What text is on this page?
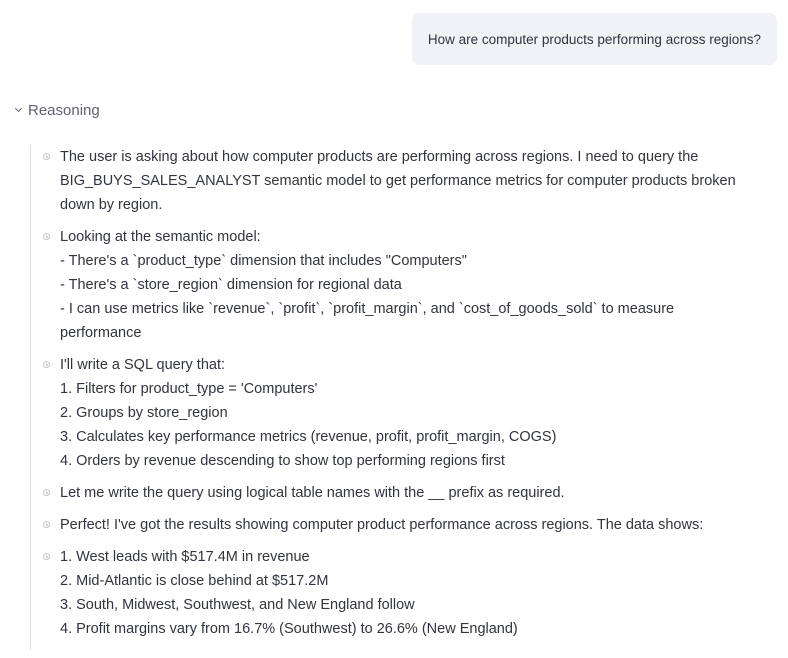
How are computer products performing across regions?
Reasoning
The user is asking about how computer products are performing across regions. I need to query the
BIG_BUYS_SALES_ANALYST semantic model to get performance metrics for computer products broken
down by region.
Looking at the semantic model:
- There's a `product_type` dimension that includes "Computers"
- There's a `store_region` dimension for regional data
- I can use metrics like `revenue`, `profit`, `profit_margin`, and `cost_of_goods_sold` to measure
performance
I'll write a SQL query that:
1. Filters for product_type = 'Computers'
2. Groups by store_region
3. Calculates key performance metrics (revenue, profit, profit_margin, COGS)
4. Orders by revenue descending to show top performing regions first
Let me write the query using logical table names with the __ prefix as required.
Perfect! I've got the results showing computer product performance across regions. The data shows:
1. West leads with $517.4M in revenue
2. Mid-Atlantic is close behind at $517.2M
3. South, Midwest, Southwest, and New England follow
4. Profit margins vary from 16.7% (Southwest) to 26.6% (New England)
